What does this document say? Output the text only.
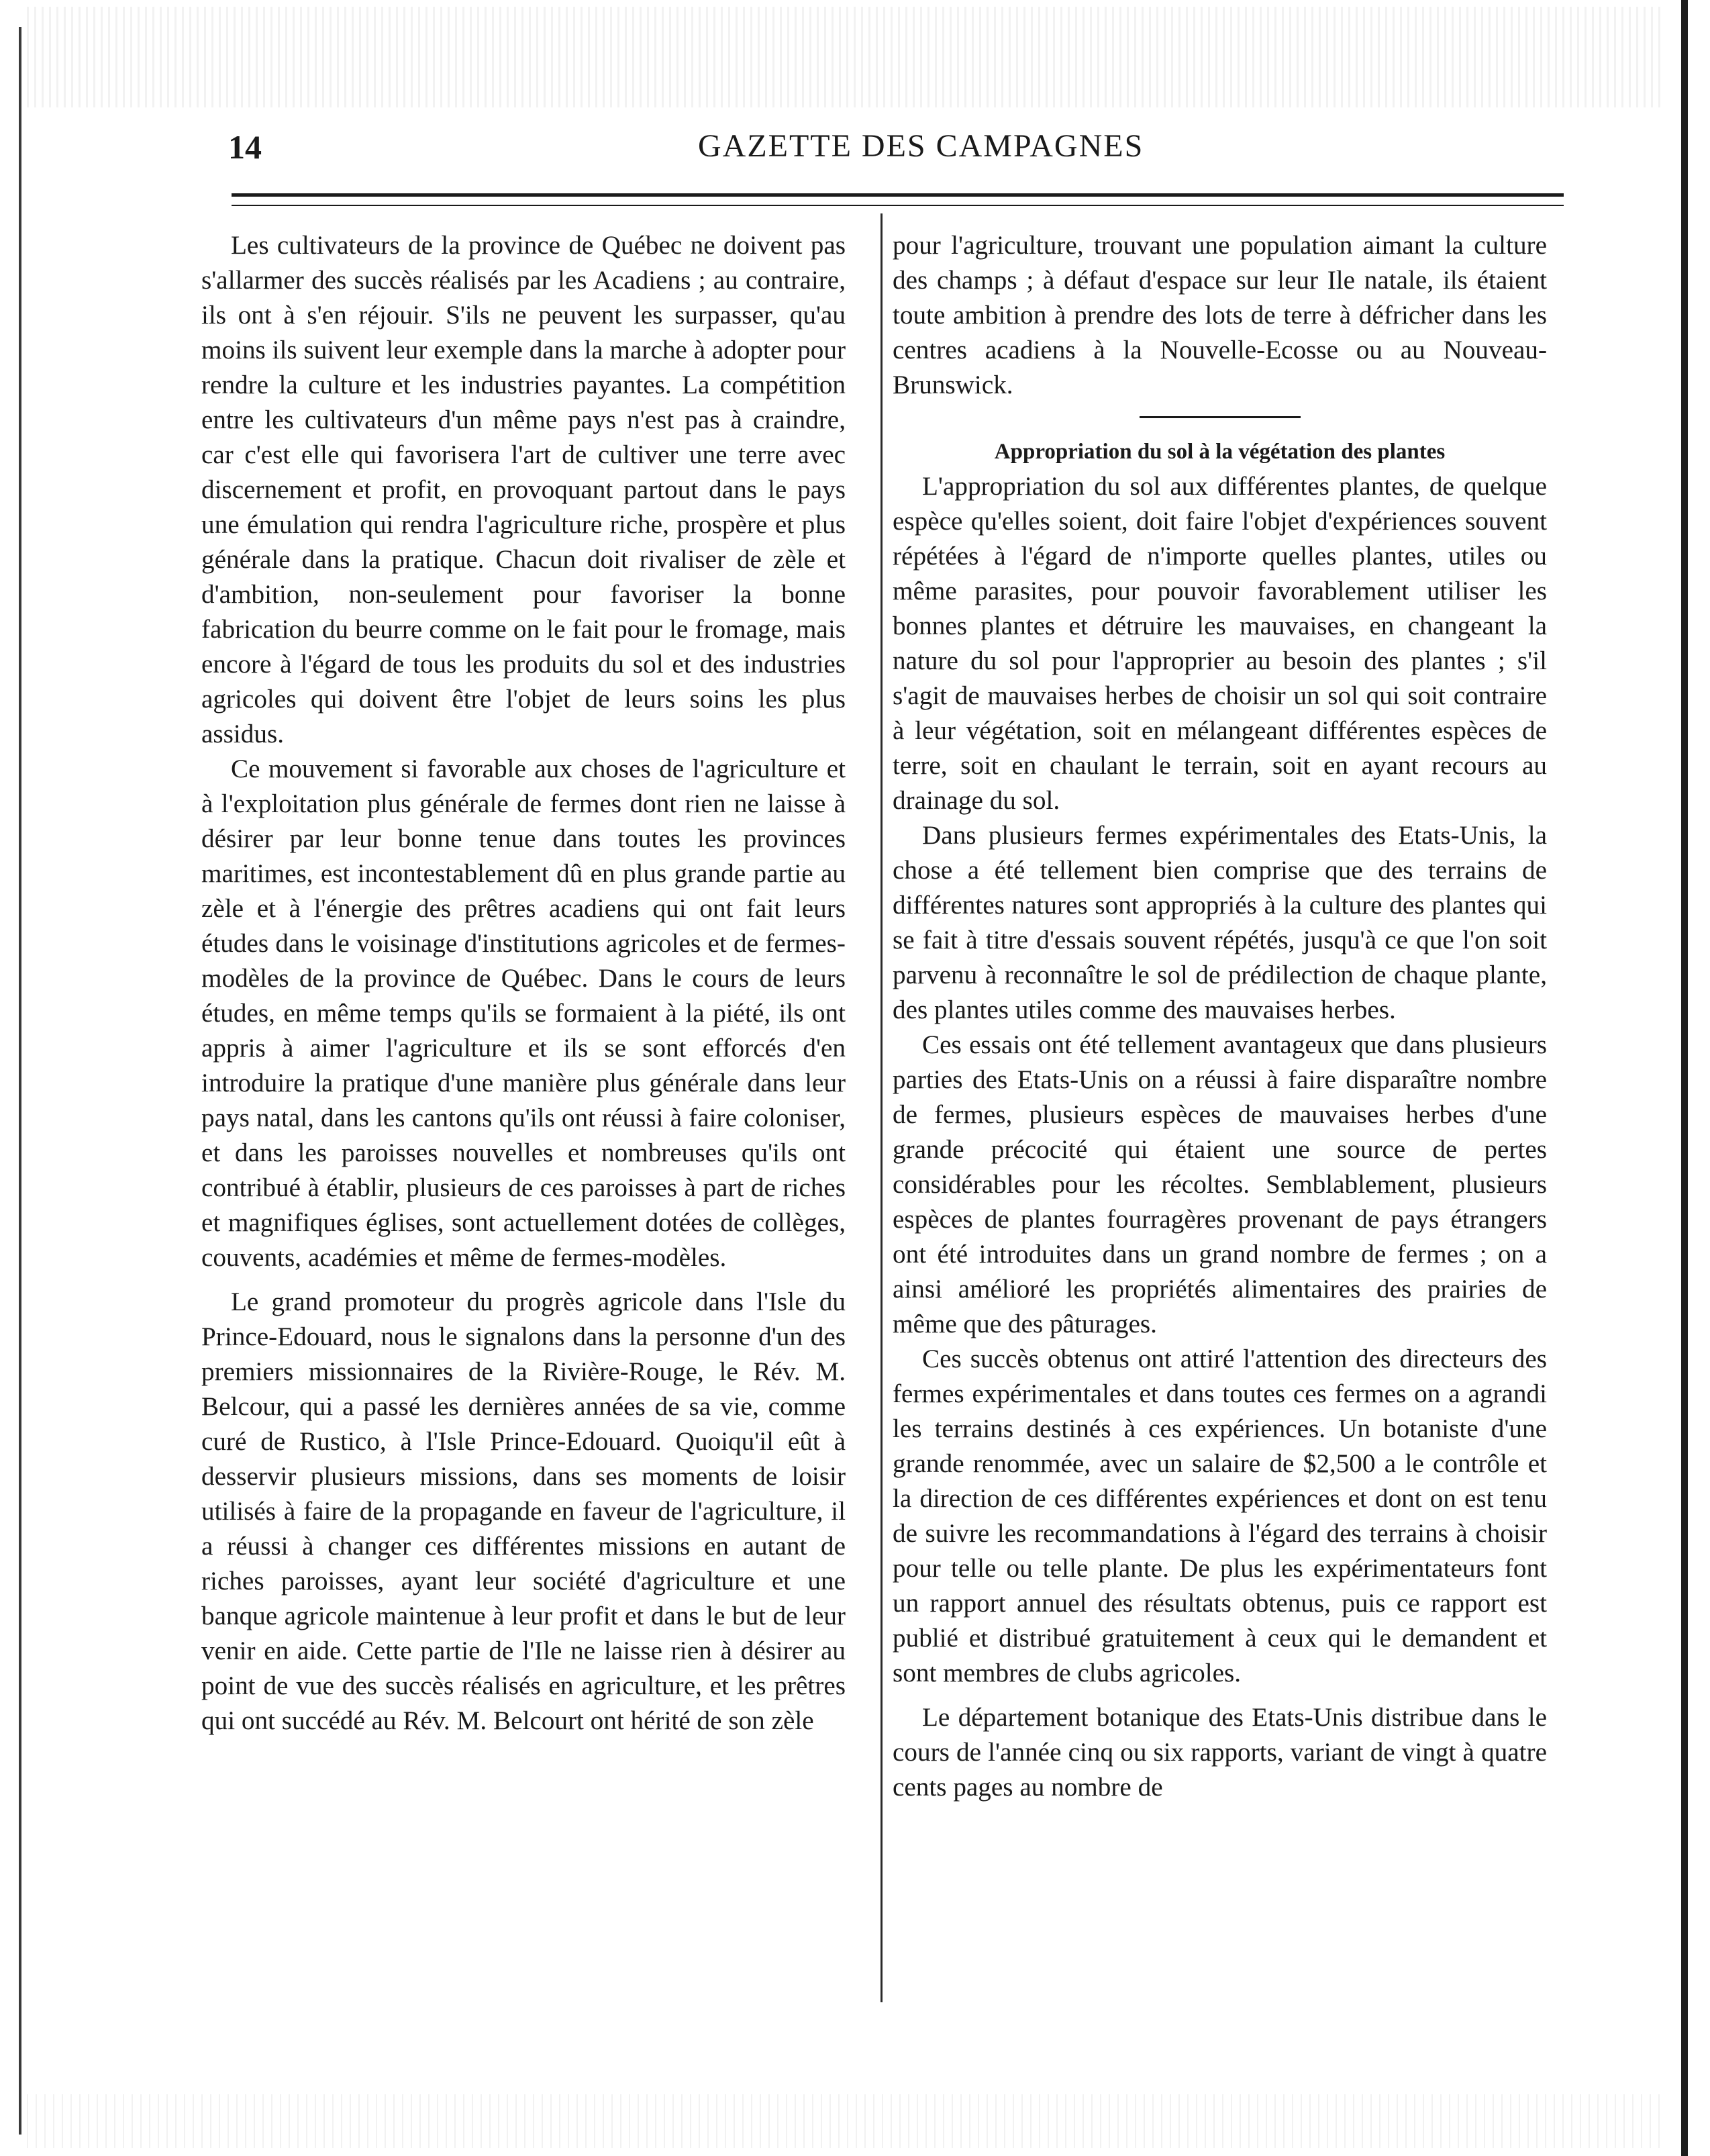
14	GAZETTE DES CAMPAGNES

Les cultivateurs de la province de Québec ne doivent pas s'allarmer des succès réalisés par les Acadiens ; au contraire, ils ont à s'en réjouir. S'ils ne peuvent les surpasser, qu'au moins ils suivent leur exemple dans la marche à adopter pour rendre la culture et les industries payantes. La compétition entre les cultivateurs d'un même pays n'est pas à craindre, car c'est elle qui favorisera l'art de cultiver une terre avec discernement et profit, en provoquant partout dans le pays une émulation qui rendra l'agriculture riche, prospère et plus générale dans la pratique. Chacun doit rivaliser de zèle et d'ambition, non-seulement pour favoriser la bonne fabrication du beurre comme on le fait pour le fromage, mais encore à l'égard de tous les produits du sol et des industries agricoles qui doivent être l'objet de leurs soins les plus assidus.

Ce mouvement si favorable aux choses de l'agriculture et à l'exploitation plus générale de fermes dont rien ne laisse à désirer par leur bonne tenue dans toutes les provinces maritimes, est incontestablement dû en plus grande partie au zèle et à l'énergie des prêtres acadiens qui ont fait leurs études dans le voisinage d'institutions agricoles et de fermes-modèles de la province de Québec. Dans le cours de leurs études, en même temps qu'ils se formaient à la piété, ils ont appris à aimer l'agriculture et ils se sont efforcés d'en introduire la pratique d'une manière plus générale dans leur pays natal, dans les cantons qu'ils ont réussi à faire coloniser, et dans les paroisses nouvelles et nombreuses qu'ils ont contribué à établir, plusieurs de ces paroisses à part de riches et magnifiques églises, sont actuellement dotées de collèges, couvents, académies et même de fermes-modèles.

Le grand promoteur du progrès agricole dans l'Isle du Prince-Edouard, nous le signalons dans la personne d'un des premiers missionnaires de la Rivière-Rouge, le Rév. M. Belcour, qui a passé les dernières années de sa vie, comme curé de Rustico, à l'Isle Prince-Edouard. Quoiqu'il eût à desservir plusieurs missions, dans ses moments de loisir utilisés à faire de la propagande en faveur de l'agriculture, il a réussi à changer ces différentes missions en autant de riches paroisses, ayant leur société d'agriculture et une banque agricole maintenue à leur profit et dans le but de leur venir en aide. Cette partie de l'Ile ne laisse rien à désirer au point de vue des succès réalisés en agriculture, et les prêtres qui ont succédé au Rév. M. Belcourt ont hérité de son zèle

pour l'agriculture, trouvant une population aimant la culture des champs ; à défaut d'espace sur leur Ile natale, ils étaient toute ambition à prendre des lots de terre à défricher dans les centres acadiens à la Nouvelle-Ecosse ou au Nouveau-Brunswick.

Appropriation du sol à la végétation des plantes

L'appropriation du sol aux différentes plantes, de quelque espèce qu'elles soient, doit faire l'objet d'expériences souvent répétées à l'égard de n'importe quelles plantes, utiles ou même parasites, pour pouvoir favorablement utiliser les bonnes plantes et détruire les mauvaises, en changeant la nature du sol pour l'approprier au besoin des plantes ; s'il s'agit de mauvaises herbes de choisir un sol qui soit contraire à leur végétation, soit en mélangeant différentes espèces de terre, soit en chaulant le terrain, soit en ayant recours au drainage du sol.

Dans plusieurs fermes expérimentales des Etats-Unis, la chose a été tellement bien comprise que des terrains de différentes natures sont appropriés à la culture des plantes qui se fait à titre d'essais souvent répétés, jusqu'à ce que l'on soit parvenu à reconnaître le sol de prédilection de chaque plante, des plantes utiles comme des mauvaises herbes.

Ces essais ont été tellement avantageux que dans plusieurs parties des Etats-Unis on a réussi à faire disparaître nombre de fermes, plusieurs espèces de mauvaises herbes d'une grande précocité qui étaient une source de pertes considérables pour les récoltes. Semblablement, plusieurs espèces de plantes fourragères provenant de pays étrangers ont été introduites dans un grand nombre de fermes ; on a ainsi amélioré les propriétés alimentaires des prairies de même que des pâturages.

Ces succès obtenus ont attiré l'attention des directeurs des fermes expérimentales et dans toutes ces fermes on a agrandi les terrains destinés à ces expériences. Un botaniste d'une grande renommée, avec un salaire de $2,500 a le contrôle et la direction de ces différentes expériences et dont on est tenu de suivre les recommandations à l'égard des terrains à choisir pour telle ou telle plante. De plus les expérimentateurs font un rapport annuel des résultats obtenus, puis ce rapport est publié et distribué gratuitement à ceux qui le demandent et sont membres de clubs agricoles.

Le département botanique des Etats-Unis distribue dans le cours de l'année cinq ou six rapports, variant de vingt à quatre cents pages au nombre de
